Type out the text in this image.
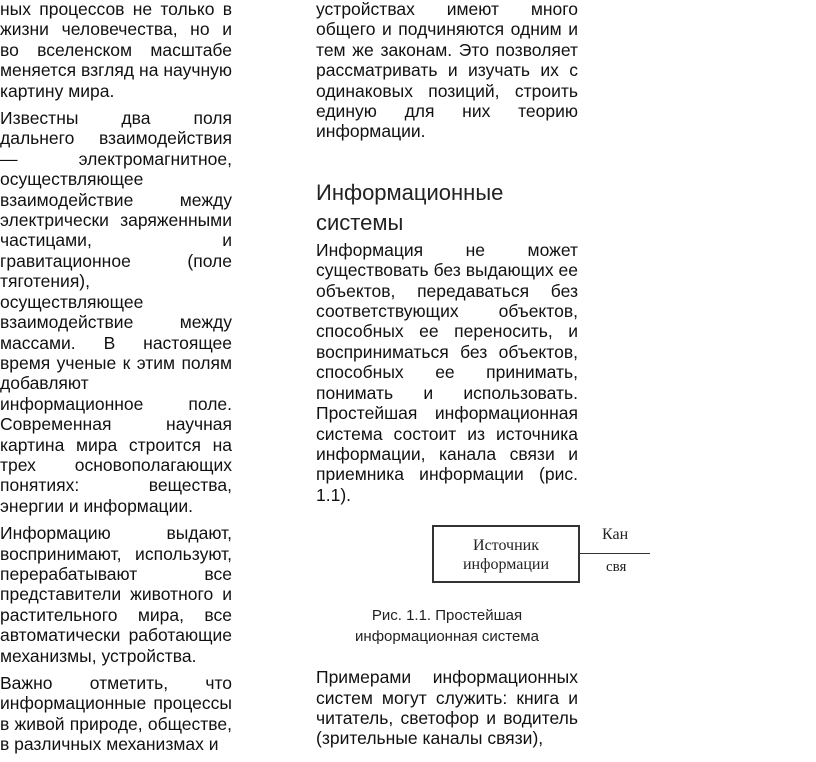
ных процессов не только в жизни человечества, но и во вселенском масштабе меняется взгляд на научную картину мира.

Известны два поля дальнего взаимодействия — электромагнитное, осуществляющее взаимодействие между электрически заряженными частицами, и гравитационное (поле тяготения), осуществляющее взаимодействие между массами. В настоящее время ученые к этим полям добавляют информационное поле. Современная научная картина мира строится на трех основополагающих понятиях: вещества, энергии и информации.

Информацию выдают, воспринимают, используют, перерабатывают все представители животного и растительного мира, все автоматически работающие механизмы, устройства.

Важно отметить, что информационные процессы в живой природе, обществе, в различных механизмах и

устройствах имеют много общего и подчиняются одним и тем же законам. Это позволяет рассматривать и изучать их с одинаковых позиций, строить единую для них теорию информации.

Информационные системы

Информация не может существовать без выдающих ее объектов, передаваться без соответствующих объектов, способных ее переносить, и восприниматься без объектов, способных ее принимать, понимать и использовать. Простейшая информационная система состоит из источника информации, канала связи и приемника информации (рис. 1.1).

Источник
информации
Кан
свя
Рис. 1.1. Простейшая информационная система

Примерами информационных систем могут служить: книга и читатель, светофор и водитель (зрительные каналы связи),
